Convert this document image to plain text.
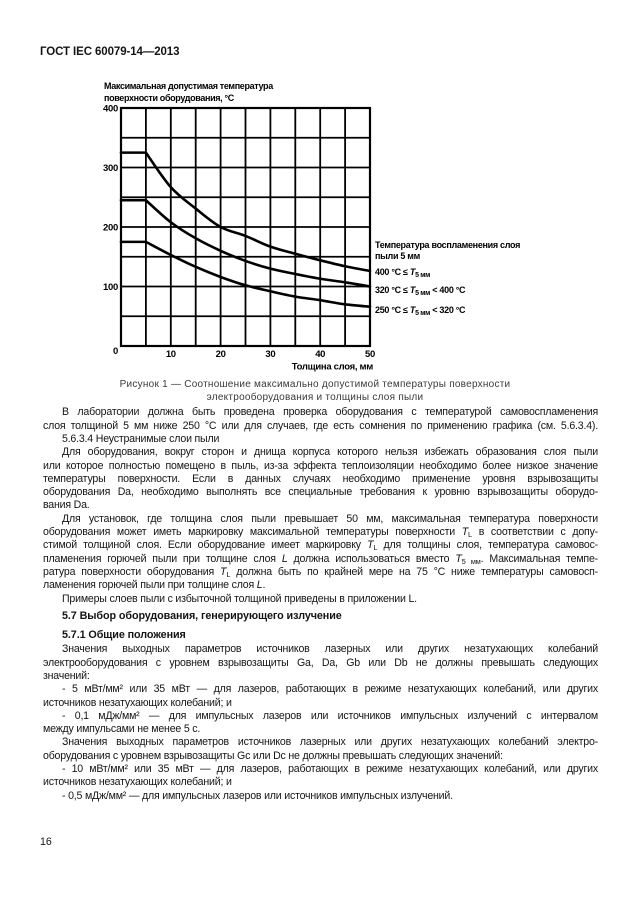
ГОСТ IEC 60079-14—2013
Максимальная допустимая температура
поверхности оборудования, °С
0
100
200
300
400
10	20	30	40	50
Толщина слоя, мм
Температура воспламенения слоя
пыли 5 мм
400 $^\circ C \le T_{5 мм}$
320 $^\circ C \le T_{5 мм} < 400$ °C
250 $^\circ C \le T_{5 мм} < 320$ °C
Рисунок 1 — Соотношение максимально допустимой температуры поверхности
электрооборудования и толщины слоя пыли
В лаборатории должна быть проведена проверка оборудования с температурой самовоспламенения
слоя толщиной 5 мм ниже 250 °C или для случаев, где есть сомнения по применению графика (см. 5.6.3.4).
5.6.3.4 Неустранимые слои пыли
Для оборудования, вокруг сторон и днища корпуса которого нельзя избежать образования слоя пыли
или которое полностью помещено в пыль, из-за эффекта теплоизоляции необходимо более низкое значение
температуры поверхности. Если в данных случаях необходимо применение уровня взрывозащиты
оборудования Da, необходимо выполнять все специальные требования к уровню взрывозащиты оборудо-
вания Da.
Для установок, где толщина слоя пыли превышает 50 мм, максимальная температура поверхности
оборудования может иметь маркировку максимальной температуры поверхности $T_L$ в соответствии с допу-
стимой толщиной слоя. Если оборудование имеет маркировку $T_L$ для толщины слоя, температура самовос-
пламенения горючей пыли при толщине слоя L должна использоваться вместо $T_{5 мм}$. Максимальная темпе-
ратура поверхности оборудования $T_L$ должна быть по крайней мере на 75 °C ниже температуры самовосп-
ламенения горючей пыли при толщине слоя L.
Примеры слоев пыли с избыточной толщиной приведены в приложении L.
5.7 Выбор оборудования, генерирующего излучение
5.7.1 Общие положения
Значения выходных параметров источников лазерных или других незатухающих колебаний
электрооборудования с уровнем взрывозащиты Ga, Da, Gb или Db не должны превышать следующих
значений:
- 5 мВт/мм² или 35 мВт — для лазеров, работающих в режиме незатухающих колебаний, или других
источников незатухающих колебаний; и
- 0,1 мДж/мм² — для импульсных лазеров или источников импульсных излучений с интервалом
между импульсами не менее 5 с.
Значения выходных параметров источников лазерных или других незатухающих колебаний электро-
оборудования с уровнем взрывозащиты Gc или Dc не должны превышать следующих значений:
- 10 мВт/мм² или 35 мВт — для лазеров, работающих в режиме незатухающих колебаний, или других
источников незатухающих колебаний; и
- 0,5 мДж/мм² — для импульсных лазеров или источников импульсных излучений.
16
